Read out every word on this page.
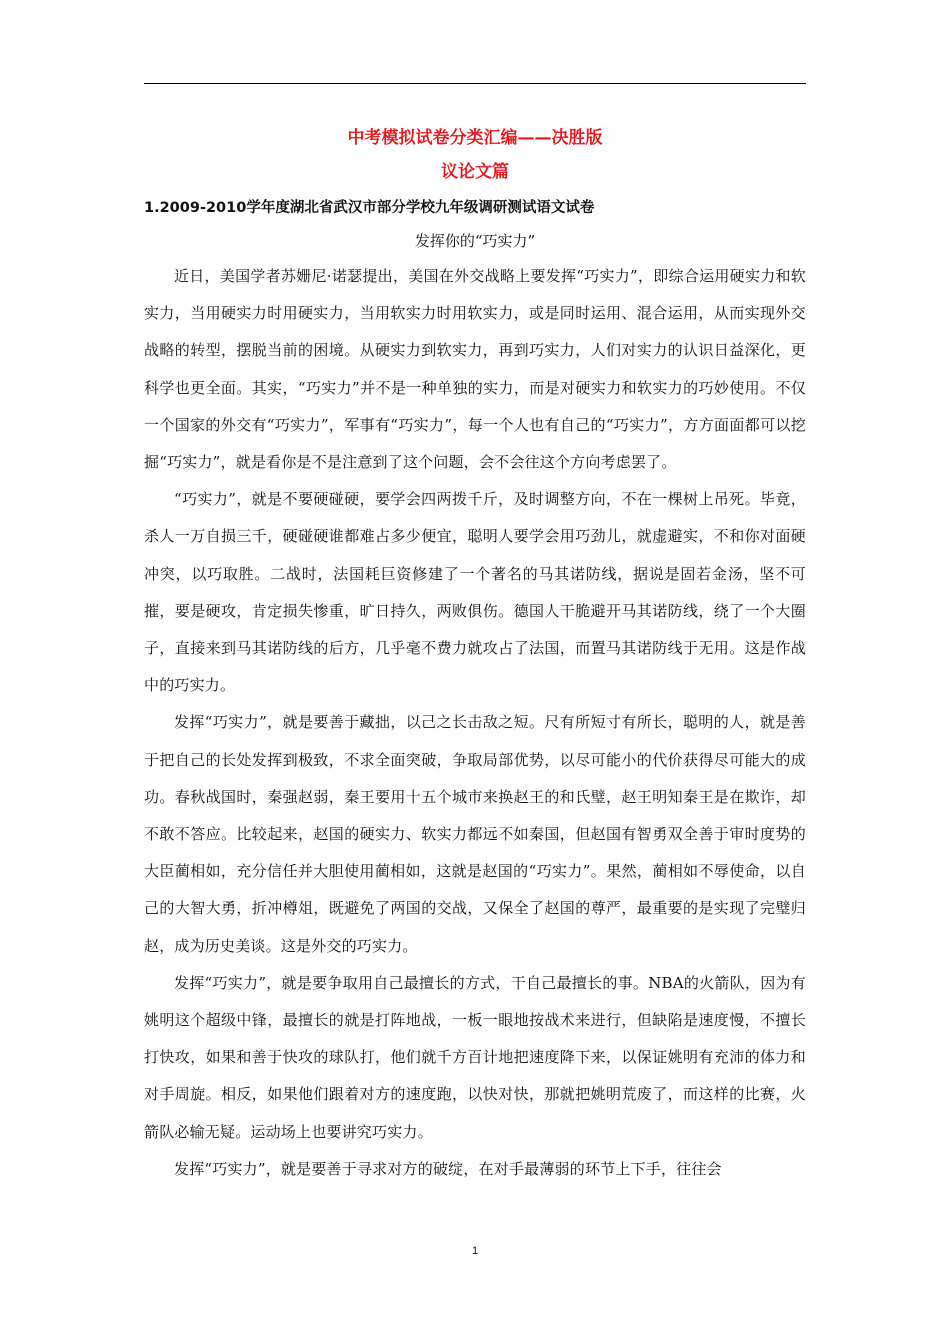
中考模拟试卷分类汇编——决胜版
议论文篇
1.2009-2010学年度湖北省武汉市部分学校九年级调研测试语文试卷
发挥你的“巧实力”

近日，美国学者苏姗尼·诺瑟提出，美国在外交战略上要发挥“巧实力”，即综合运用硬实力和软实力，当用硬实力时用硬实力，当用软实力时用软实力，或是同时运用、混合运用，从而实现外交战略的转型，摆脱当前的困境。从硬实力到软实力，再到巧实力，人们对实力的认识日益深化，更科学也更全面。其实，“巧实力”并不是一种单独的实力，而是对硬实力和软实力的巧妙使用。不仅一个国家的外交有“巧实力”，军事有“巧实力”，每一个人也有自己的“巧实力”，方方面面都可以挖掘“巧实力”，就是看你是不是注意到了这个问题，会不会往这个方向考虑罢了。

“巧实力”，就是不要硬碰硬，要学会四两拨千斤，及时调整方向，不在一棵树上吊死。毕竟，杀人一万自损三千，硬碰硬谁都难占多少便宜，聪明人要学会用巧劲儿，就虚避实，不和你对面硬冲突，以巧取胜。二战时，法国耗巨资修建了一个著名的马其诺防线，据说是固若金汤，坚不可摧，要是硬攻，肯定损失惨重，旷日持久，两败俱伤。德国人干脆避开马其诺防线，绕了一个大圈子，直接来到马其诺防线的后方，几乎毫不费力就攻占了法国，而置马其诺防线于无用。这是作战中的巧实力。

发挥“巧实力”，就是要善于藏拙，以己之长击敌之短。尺有所短寸有所长，聪明的人，就是善于把自己的长处发挥到极致，不求全面突破，争取局部优势，以尽可能小的代价获得尽可能大的成功。春秋战国时，秦强赵弱，秦王要用十五个城市来换赵王的和氏璧，赵王明知秦王是在欺诈，却不敢不答应。比较起来，赵国的硬实力、软实力都远不如秦国，但赵国有智勇双全善于审时度势的大臣蔺相如，充分信任并大胆使用蔺相如，这就是赵国的“巧实力”。果然，蔺相如不辱使命，以自己的大智大勇，折冲樽俎，既避免了两国的交战，又保全了赵国的尊严，最重要的是实现了完璧归赵，成为历史美谈。这是外交的巧实力。

发挥“巧实力”，就是要争取用自己最擅长的方式，干自己最擅长的事。NBA的火箭队，因为有姚明这个超级中锋，最擅长的就是打阵地战，一板一眼地按战术来进行，但缺陷是速度慢，不擅长打快攻，如果和善于快攻的球队打，他们就千方百计地把速度降下来，以保证姚明有充沛的体力和对手周旋。相反，如果他们跟着对方的速度跑，以快对快，那就把姚明荒废了，而这样的比赛，火箭队必输无疑。运动场上也要讲究巧实力。

发挥“巧实力”，就是要善于寻求对方的破绽，在对手最薄弱的环节上下手，往往会

1
